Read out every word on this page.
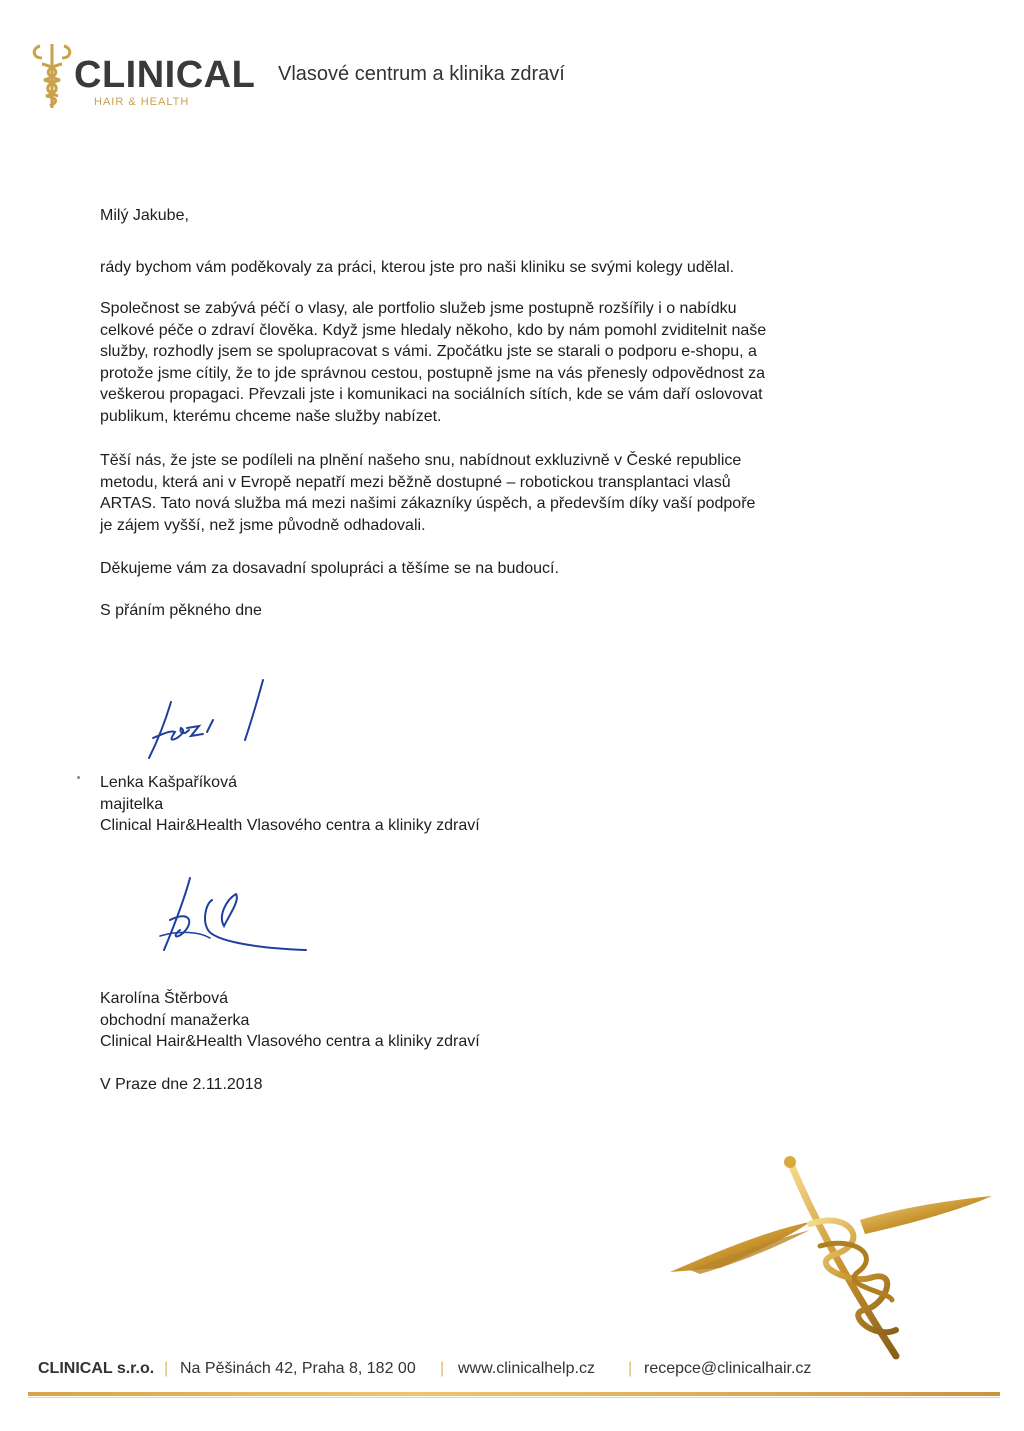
CLINICAL
HAIR & HEALTH
Vlasové centrum a klinika zdraví

Milý Jakube,

rády bychom vám poděkovaly za práci, kterou jste pro naši kliniku se svými kolegy udělal.

Společnost se zabývá péčí o vlasy, ale portfolio služeb jsme postupně rozšířily i o nabídku
celkové péče o zdraví člověka. Když jsme hledaly někoho, kdo by nám pomohl zviditelnit naše
služby, rozhodly jsem se spolupracovat s vámi. Zpočátku jste se starali o podporu e-shopu, a
protože jsme cítily, že to jde správnou cestou, postupně jsme na vás přenesly odpovědnost za
veškerou propagaci. Převzali jste i komunikaci na sociálních sítích, kde se vám daří oslovovat
publikum, kterému chceme naše služby nabízet.

Těší nás, že jste se podíleli na plnění našeho snu, nabídnout exkluzivně v České republice
metodu, která ani v Evropě nepatří mezi běžně dostupné – robotickou transplantaci vlasů
ARTAS. Tato nová služba má mezi našimi zákazníky úspěch, a především díky vaší podpoře
je zájem vyšší, než jsme původně odhadovali.

Děkujeme vám za dosavadní spolupráci a těšíme se na budoucí.

S přáním pěkného dne

Lenka Kašpaříková
majitelka
Clinical Hair&Health Vlasového centra a kliniky zdraví
Karolína Štěrbová
obchodní manažerka
Clinical Hair&Health Vlasového centra a kliniky zdraví
V Praze dne 2.11.2018
CLINICAL s.r.o. | Na Pěšinách 42, Praha 8, 182 00 | www.clinicalhelp.cz | recepce@clinicalhair.cz
